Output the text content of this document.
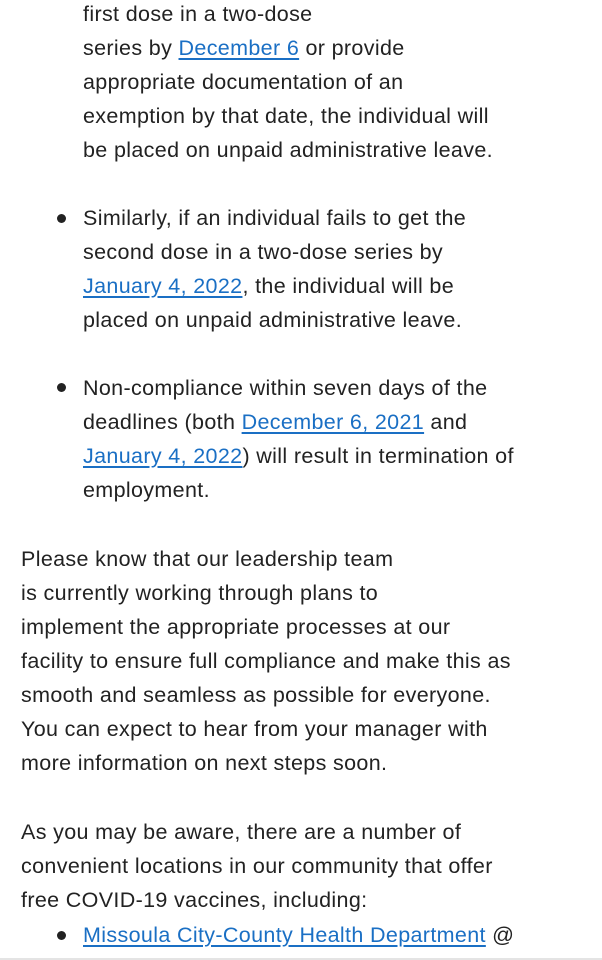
first dose in a two-dose
series by December 6 or provide
appropriate documentation of an
exemption by that date, the individual will
be placed on unpaid administrative leave.
Similarly, if an individual fails to get the
second dose in a two-dose series by
January 4, 2022, the individual will be
placed on unpaid administrative leave.
Non-compliance within seven days of the
deadlines (both December 6, 2021 and
January 4, 2022) will result in termination of
employment.
Please know that our leadership team
is currently working through plans to
implement the appropriate processes at our
facility to ensure full compliance and make this as
smooth and seamless as possible for everyone.
You can expect to hear from your manager with
more information on next steps soon.
As you may be aware, there are a number of
convenient locations in our community that offer
free COVID-19 vaccines, including:
Missoula City-County Health Department @
